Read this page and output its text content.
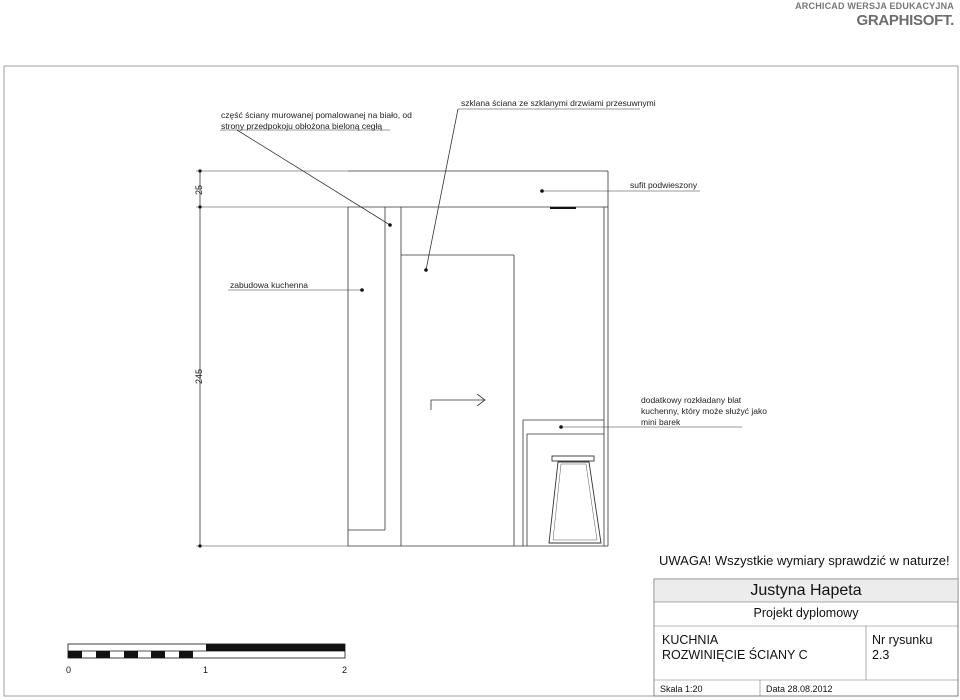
ARCHICAD WERSJA EDUKACYJNA
GRAPHISOFT.
część ściany murowanej pomalowanej na biało, od
strony przedpokoju obłożona bieloną cegłą
szklana ściana ze szklanymi drzwiami przesuwnymi
sufit podwieszony
zabudowa kuchenna
dodatkowy rozkładany blat
kuchenny, który może służyć jako
mini barek
25
245
UWAGA! Wszystkie wymiary sprawdzić w naturze!
Justyna Hapeta
Projekt dyplomowy
KUCHNIA
ROZWINIĘCIE ŚCIANY C
Nr rysunku
2.3
Skala 1:20	Data 28.08.2012
0	1	2
